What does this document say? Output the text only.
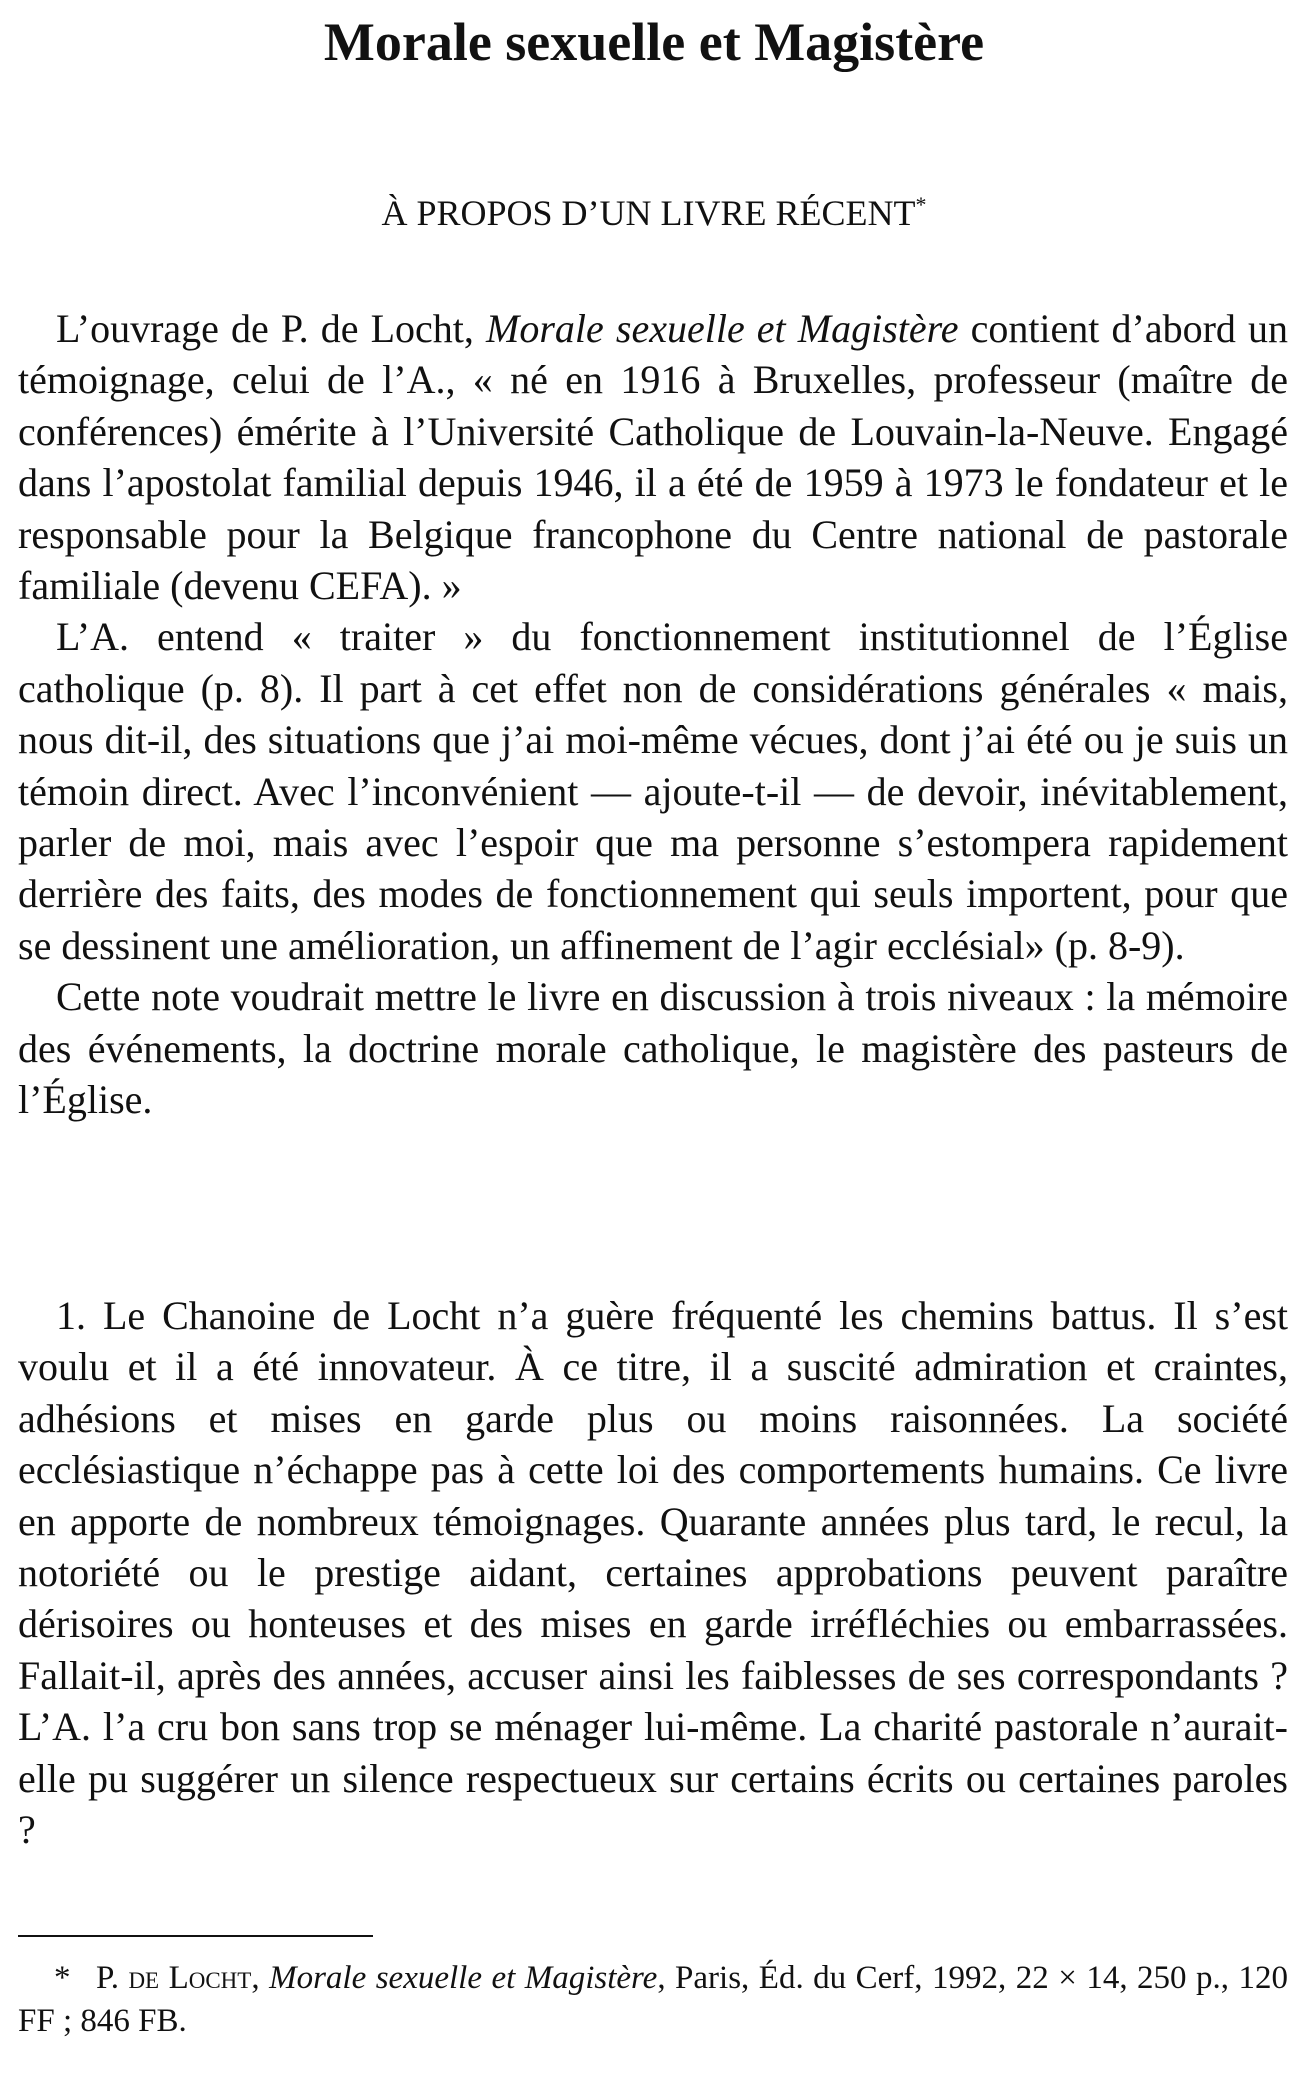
Morale sexuelle et Magistère
À PROPOS D’UN LIVRE RÉCENT*

L’ouvrage de P. de Locht, Morale sexuelle et Magistère contient d’abord un témoignage, celui de l’A., « né en 1916 à Bruxelles, professeur (maître de conférences) émérite à l’Université Catholique de Louvain-la-Neuve. Engagé dans l’apostolat familial depuis 1946, il a été de 1959 à 1973 le fondateur et le responsable pour la Belgique francophone du Centre national de pastorale familiale (devenu CEFA). »

L’A. entend « traiter » du fonctionnement institutionnel de l’Église catholique (p. 8). Il part à cet effet non de considérations générales « mais, nous dit-il, des situations que j’ai moi-même vécues, dont j’ai été ou je suis un témoin direct. Avec l’inconvénient — ajoute-t-il — de devoir, inévitablement, parler de moi, mais avec l’espoir que ma personne s’estompera rapidement derrière des faits, des modes de fonctionnement qui seuls importent, pour que se dessinent une amélioration, un affinement de l’agir ecclésial» (p. 8-9).

Cette note voudrait mettre le livre en discussion à trois niveaux : la mémoire des événements, la doctrine morale catholique, le magistère des pasteurs de l’Église.

1. Le Chanoine de Locht n’a guère fréquenté les chemins battus. Il s’est voulu et il a été innovateur. À ce titre, il a suscité admiration et craintes, adhésions et mises en garde plus ou moins raisonnées. La société ecclésiastique n’échappe pas à cette loi des comportements humains. Ce livre en apporte de nombreux témoignages. Quarante années plus tard, le recul, la notoriété ou le prestige aidant, certaines approbations peuvent paraître dérisoires ou honteuses et des mises en garde irréfléchies ou embarrassées. Fallait-il, après des années, accuser ainsi les faiblesses de ses correspondants ? L’A. l’a cru bon sans trop se ménager lui-même. La charité pastorale n’aurait-elle pu suggérer un silence respectueux sur certains écrits ou certaines paroles ?

* P. de Locht, Morale sexuelle et Magistère, Paris, Éd. du Cerf, 1992, 22 × 14, 250 p., 120 FF ; 846 FB.
